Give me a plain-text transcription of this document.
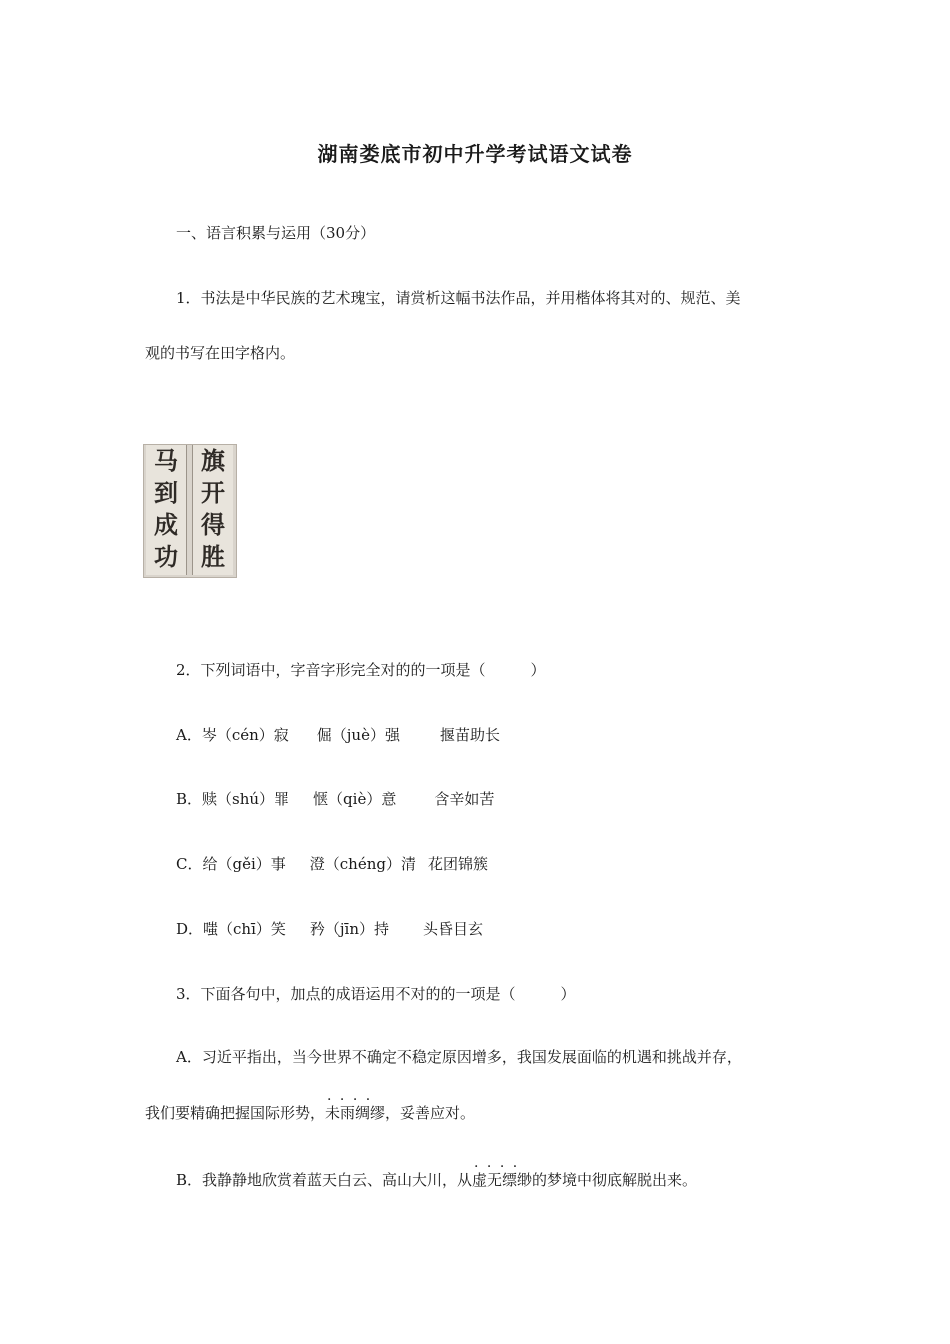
湖南娄底市初中升学考试语文试卷
一、语言积累与运用（30分）
1．书法是中华民族的艺术瑰宝，请赏析这幅书法作品，并用楷体将其对的、规范、美
观的书写在田字格内。
马
到
成
功
旗
开
得
胜
2．下列词语中，字音字形完全对的的一项是（　　　）
A．岑（cén）寂 倔（juè）强	揠苗助长
B．赎（shú）罪 惬（qiè）意	含辛如苦
C．给（gěi）事 澄（chéng）清 花团锦簇
D．嗤（chī）笑 矜（jīn）持 头昏目玄
3．下面各句中，加点的成语运用不对的的一项是（　　　）
A．习近平指出，当今世界不确定不稳定原因增多，我国发展面临的机遇和挑战并存，
我们要精确把握国际形势，· · 未雨绸缪，妥善应对。
B．我静静地欣赏着蓝天白云、高山大川，从· · 虚无缥缈的梦境中彻底解脱出来。
